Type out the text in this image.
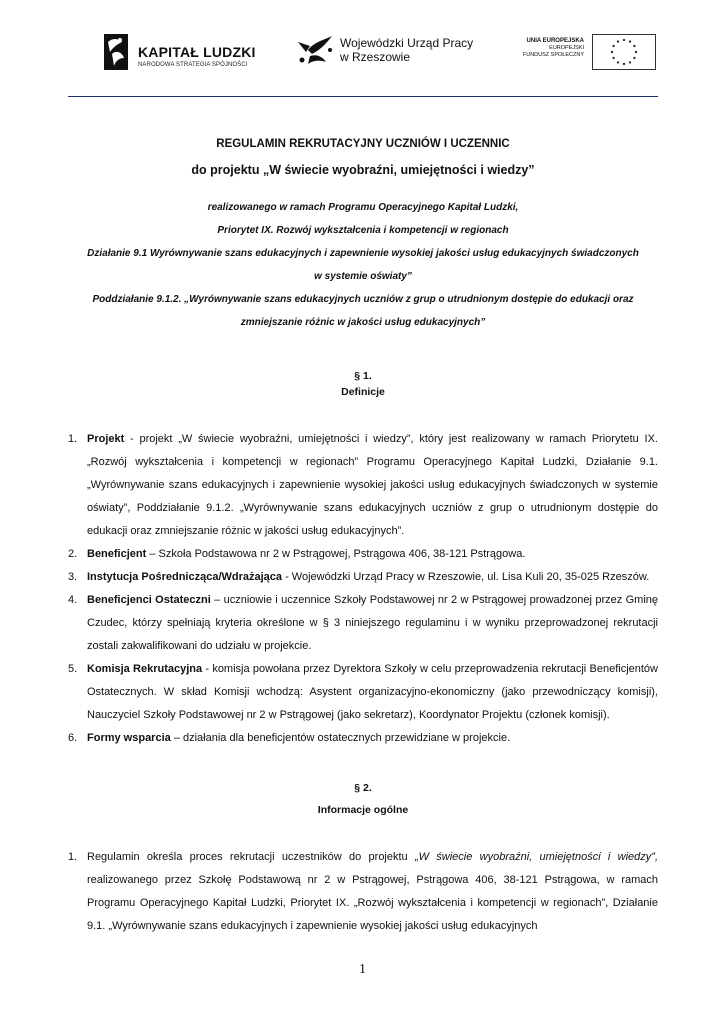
KAPITAŁ LUDZKI
NARODOWA STRATEGIA SPÓJNOŚCI
Wojewódzki Urząd Pracy
w Rzeszowie
UNIA EUROPEJSKA
EUROPEJSKI
FUNDUSZ SPOŁECZNY

REGULAMIN REKRUTACYJNY UCZNIÓW I UCZENNIC

do projektu „W świecie wyobraźni, umiejętności i wiedzy”

realizowanego w ramach Programu Operacyjnego Kapitał Ludzki,

Priorytet IX. Rozwój wykształcenia i kompetencji w regionach

Działanie 9.1 Wyrównywanie szans edukacyjnych i zapewnienie wysokiej jakości usług edukacyjnych świadczonych

w systemie oświaty”

Poddziałanie 9.1.2. „Wyrównywanie szans edukacyjnych uczniów z grup o utrudnionym dostępie do edukacji oraz

zmniejszanie różnic w jakości usług edukacyjnych”

§ 1.

Definicje

1. Projekt - projekt „W świecie wyobraźni, umiejętności i wiedzy”, który jest realizowany w ramach Priorytetu IX. „Rozwój wykształcenia i kompetencji w regionach” Programu Operacyjnego Kapitał Ludzki, Działanie 9.1. „Wyrównywanie szans edukacyjnych i zapewnienie wysokiej jakości usług edukacyjnych świadczonych w systemie oświaty”, Poddziałanie 9.1.2. „Wyrównywanie szans edukacyjnych uczniów z grup o utrudnionym dostępie do edukacji oraz zmniejszanie różnic w jakości usług edukacyjnych”.
2. Beneficjent – Szkoła Podstawowa nr 2 w Pstrągowej, Pstrągowa 406, 38-121 Pstrągowa.
3. Instytucja Pośrednicząca/Wdrażająca - Wojewódzki Urząd Pracy w Rzeszowie, ul. Lisa Kuli 20, 35-025 Rzeszów.
4. Beneficjenci Ostateczni – uczniowie i uczennice Szkoły Podstawowej nr 2 w Pstrągowej prowadzonej przez Gminę Czudec, którzy spełniają kryteria określone w § 3 niniejszego regulaminu i w wyniku przeprowadzonej rekrutacji zostali zakwalifikowani do udziału w projekcie.
5. Komisja Rekrutacyjna - komisja powołana przez Dyrektora Szkoły w celu przeprowadzenia rekrutacji Beneficjentów Ostatecznych. W skład Komisji wchodzą: Asystent organizacyjno-ekonomiczny (jako przewodniczący komisji), Nauczyciel Szkoły Podstawowej nr 2 w Pstrągowej (jako sekretarz), Koordynator Projektu (członek komisji).
6. Formy wsparcia – działania dla beneficjentów ostatecznych przewidziane w projekcie.

§ 2.

Informacje ogólne

1. Regulamin określa proces rekrutacji uczestników do projektu „W świecie wyobraźni, umiejętności i wiedzy”, realizowanego przez Szkołę Podstawową nr 2 w Pstrągowej, Pstrągowa 406, 38-121 Pstrągowa, w ramach Programu Operacyjnego Kapitał Ludzki, Priorytet IX. „Rozwój wykształcenia i kompetencji w regionach”, Działanie 9.1. „Wyrównywanie szans edukacyjnych i zapewnienie wysokiej jakości usług edukacyjnych
1
